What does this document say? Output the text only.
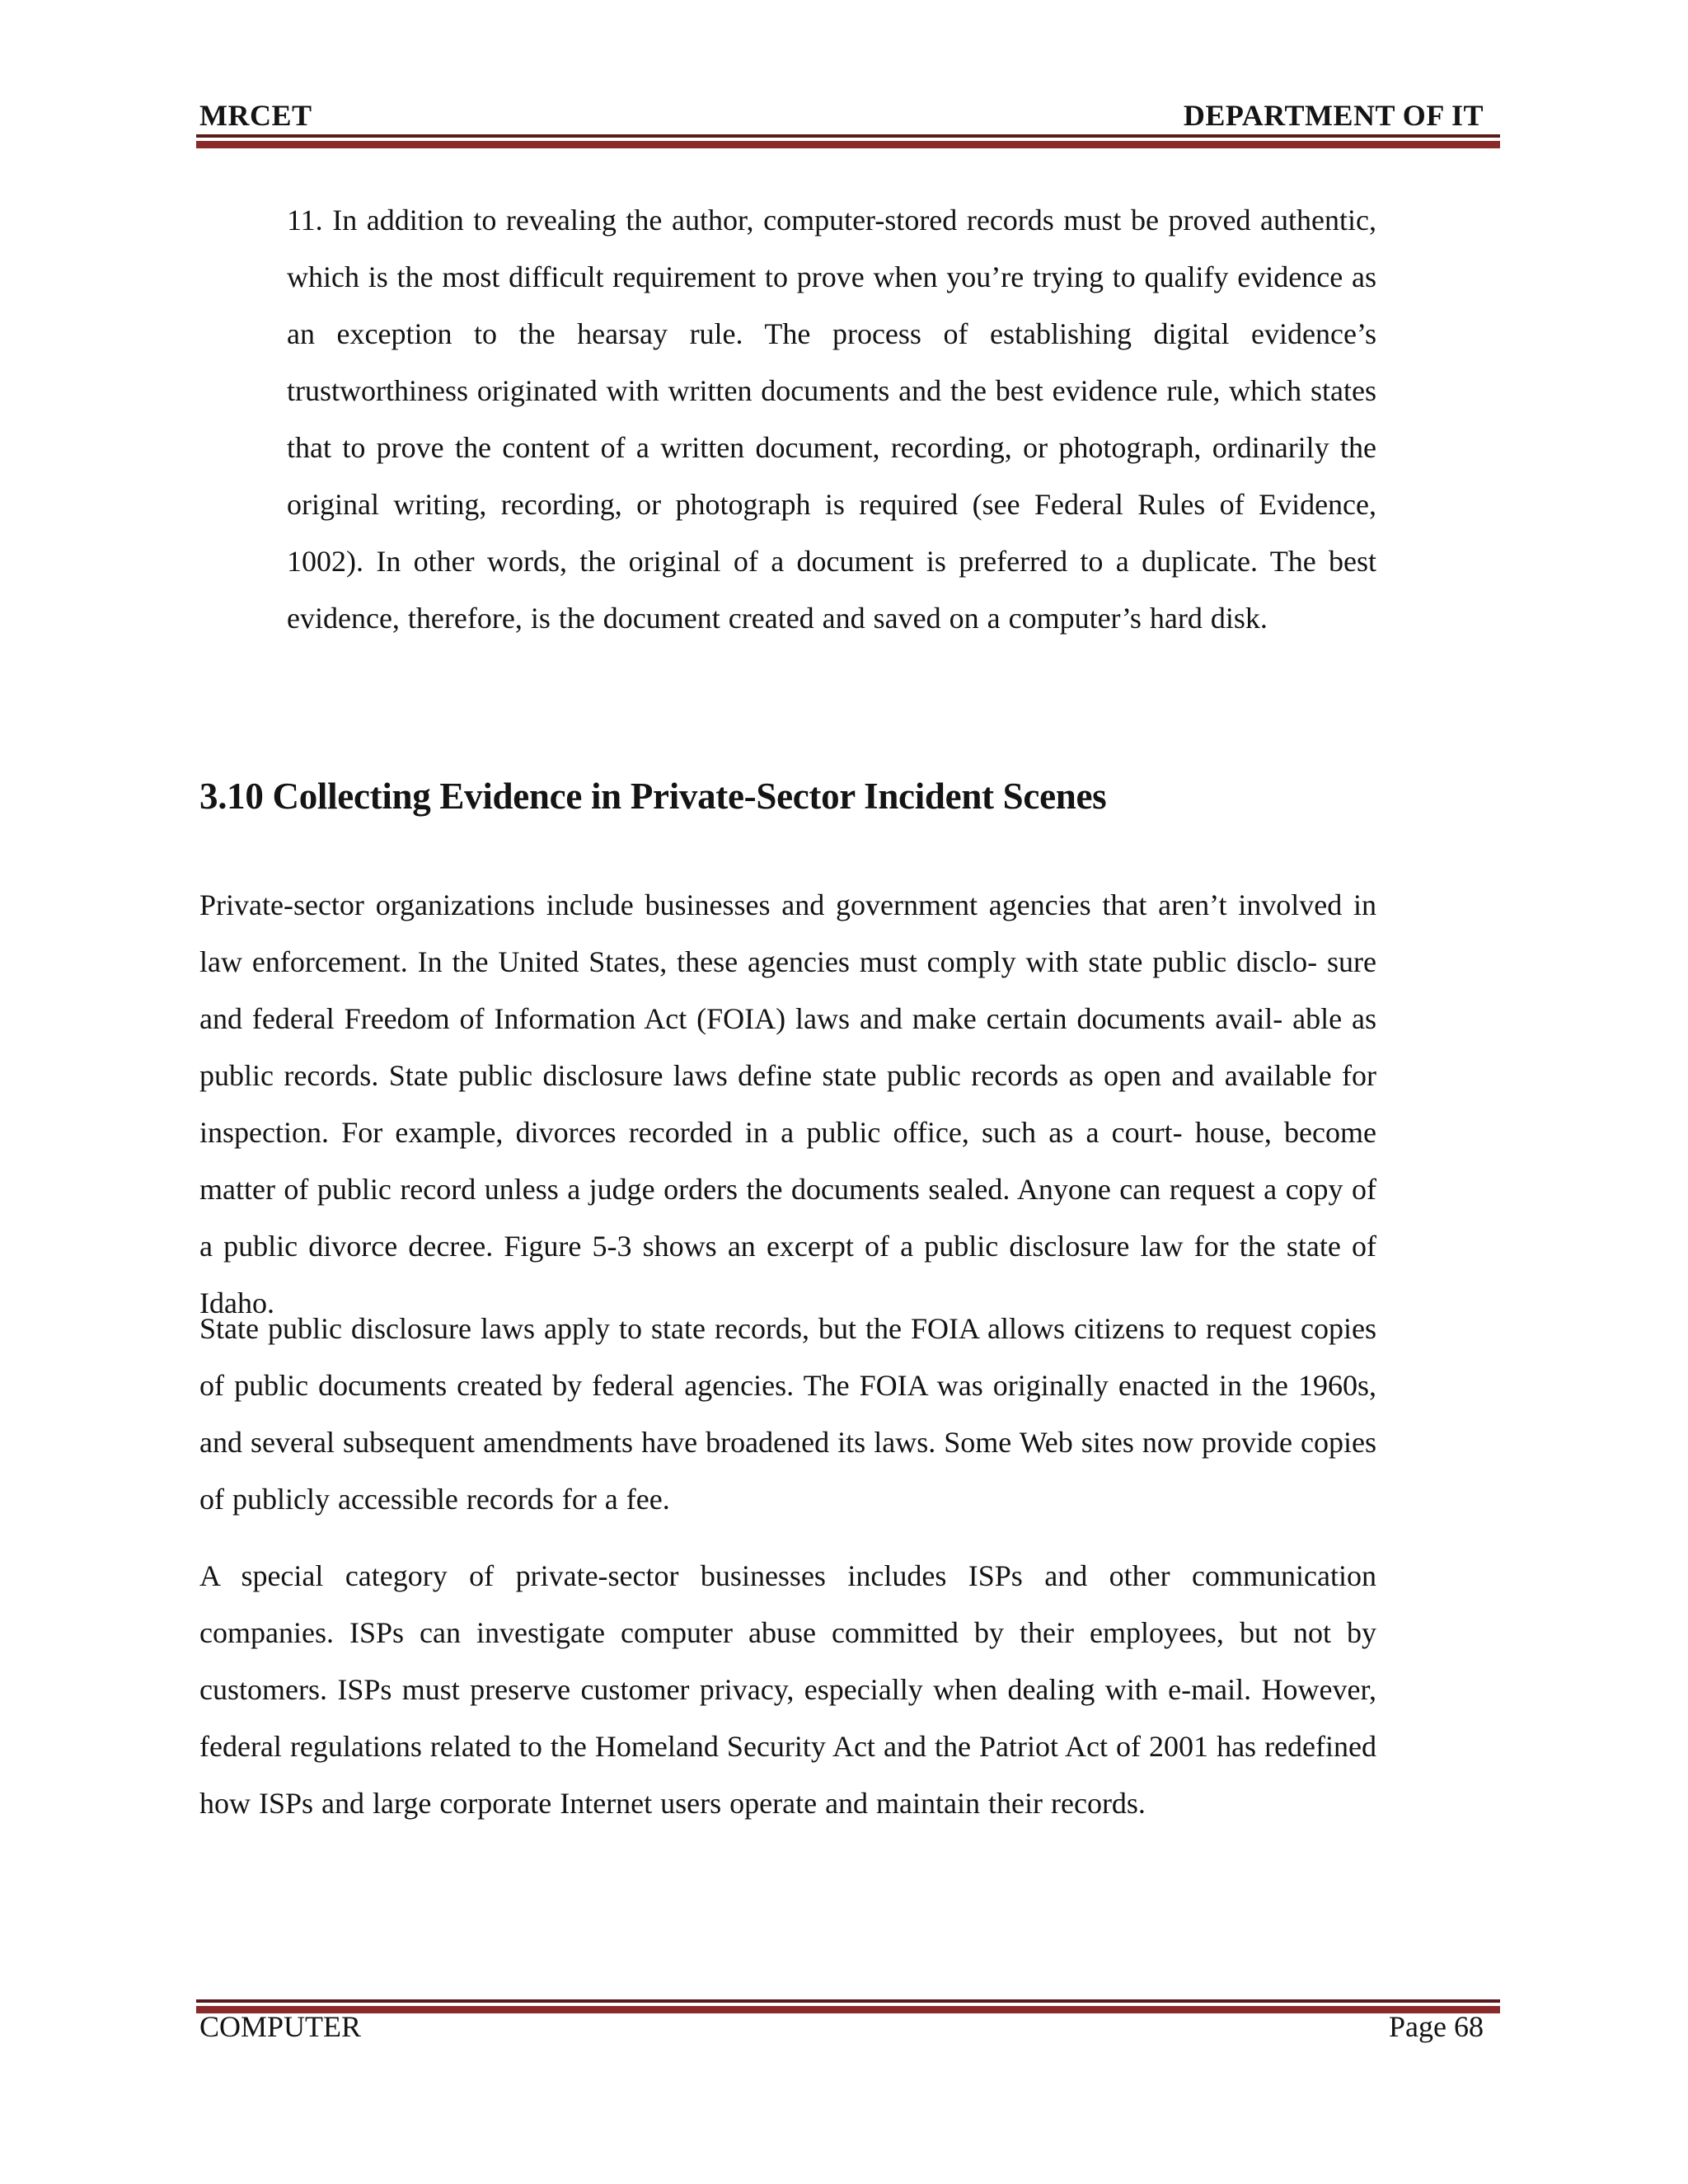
MRCET	DEPARTMENT OF IT

11. In addition to revealing the author, computer-stored records must be proved authentic, which is the most difficult requirement to prove when you’re trying to qualify evidence as an exception to the hearsay rule. The process of establishing digital evidence’s trustworthiness originated with written documents and the best evidence rule, which states that to prove the content of a written document, recording, or photograph, ordinarily the original writing, recording, or photograph is required (see Federal Rules of Evidence, 1002). In other words, the original of a document is preferred to a duplicate. The best evidence, therefore, is the document created and saved on a computer’s hard disk.

3.10 Collecting Evidence in Private-Sector Incident Scenes

Private-sector organizations include businesses and government agencies that aren’t involved in law enforcement. In the United States, these agencies must comply with state public disclo- sure and federal Freedom of Information Act (FOIA) laws and make certain documents avail- able as public records. State public disclosure laws define state public records as open and available for inspection. For example, divorces recorded in a public office, such as a court- house, become matter of public record unless a judge orders the documents sealed. Anyone can request a copy of a public divorce decree. Figure 5-3 shows an excerpt of a public disclosure law for the state of Idaho.

State public disclosure laws apply to state records, but the FOIA allows citizens to request copies of public documents created by federal agencies. The FOIA was originally enacted in the 1960s, and several subsequent amendments have broadened its laws. Some Web sites now provide copies of publicly accessible records for a fee.

A special category of private-sector businesses includes ISPs and other communication companies. ISPs can investigate computer abuse committed by their employees, but not by customers. ISPs must preserve customer privacy, especially when dealing with e-mail. However, federal regulations related to the Homeland Security Act and the Patriot Act of 2001 has redefined how ISPs and large corporate Internet users operate and maintain their records.

COMPUTER	Page 68
